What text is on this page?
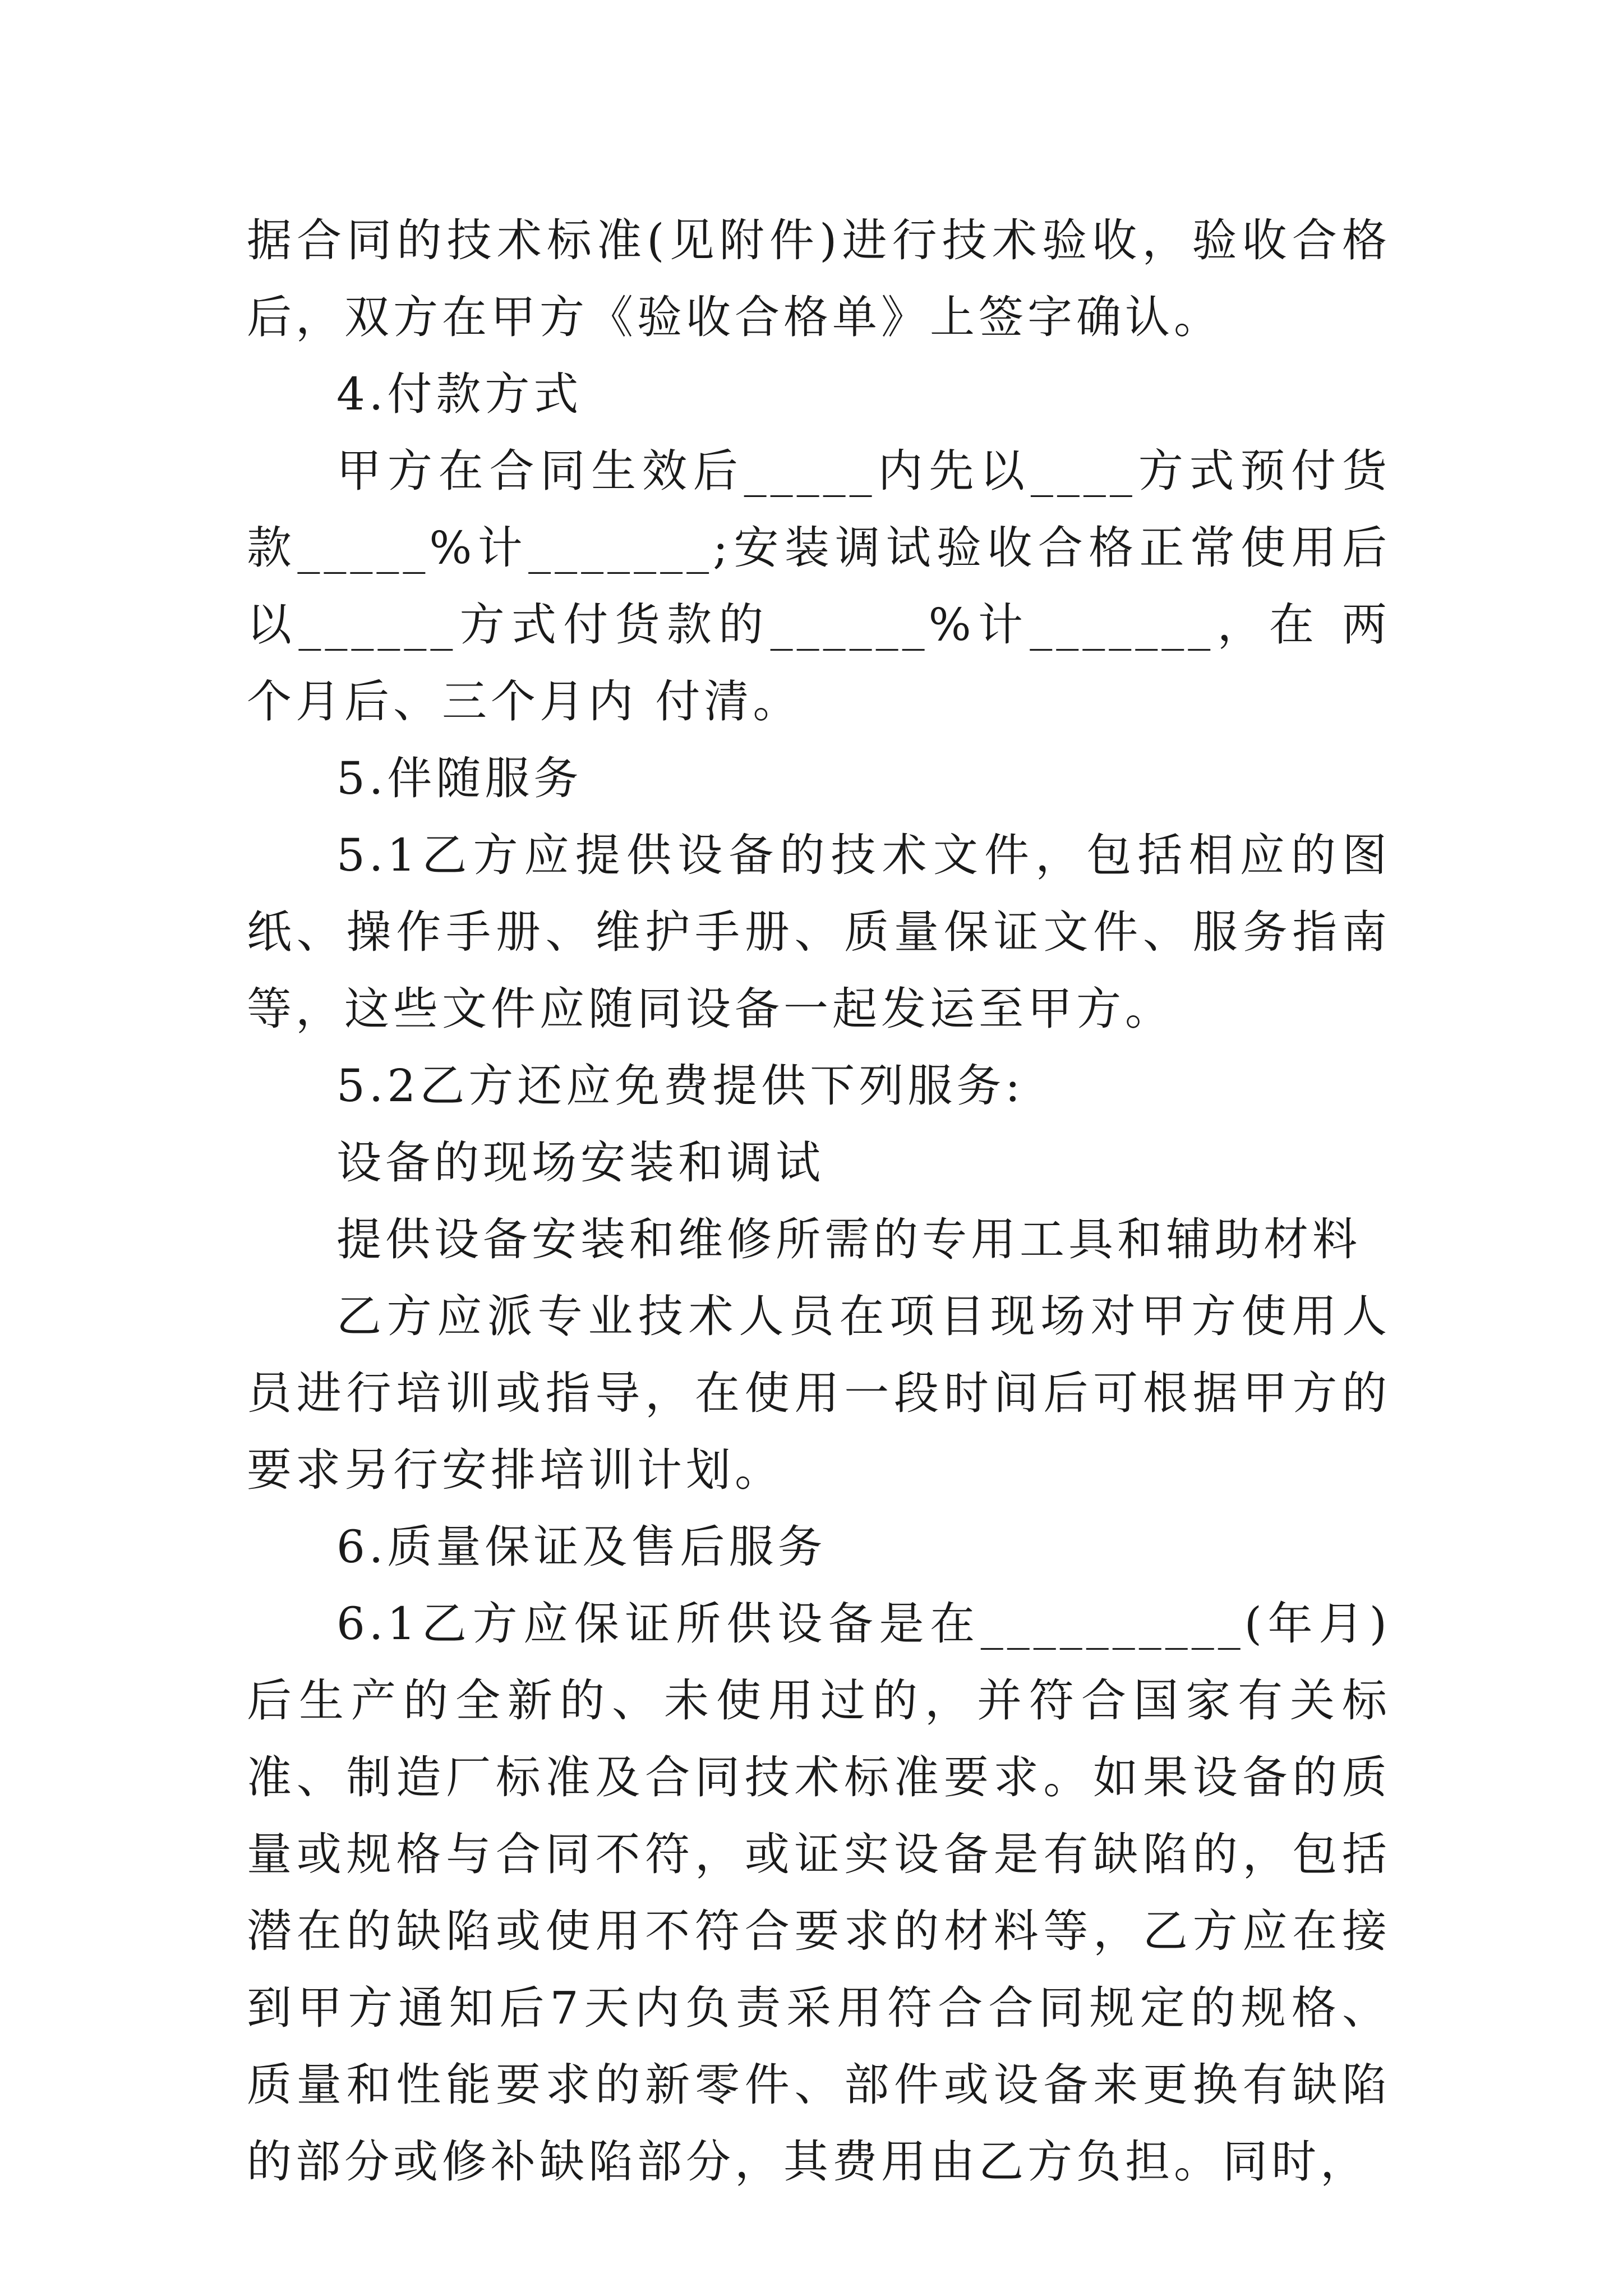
据合同的技术标准(见附件)进行技术验收，验收合格后，双方在甲方《验收合格单》上签字确认。

4.付款方式

甲方在合同生效后_____内先以____方式预付货款_____%计_______;安装调试验收合格正常使用后以______方式付货款的______%计_______，在 两个月后、三个月内 付清。

5.伴随服务

5.1乙方应提供设备的技术文件，包括相应的图纸、操作手册、维护手册、质量保证文件、服务指南等，这些文件应随同设备一起发运至甲方。

5.2乙方还应免费提供下列服务:

设备的现场安装和调试

提供设备安装和维修所需的专用工具和辅助材料

乙方应派专业技术人员在项目现场对甲方使用人员进行培训或指导，在使用一段时间后可根据甲方的要求另行安排培训计划。

6.质量保证及售后服务

6.1乙方应保证所供设备是在__________(年月)后生产的全新的、未使用过的，并符合国家有关标准、制造厂标准及合同技术标准要求。如果设备的质量或规格与合同不符，或证实设备是有缺陷的，包括潜在的缺陷或使用不符合要求的材料等，乙方应在接到甲方通知后7天内负责采用符合合同规定的规格、质量和性能要求的新零件、部件或设备来更换有缺陷的部分或修补缺陷部分，其费用由乙方负担。同时，
